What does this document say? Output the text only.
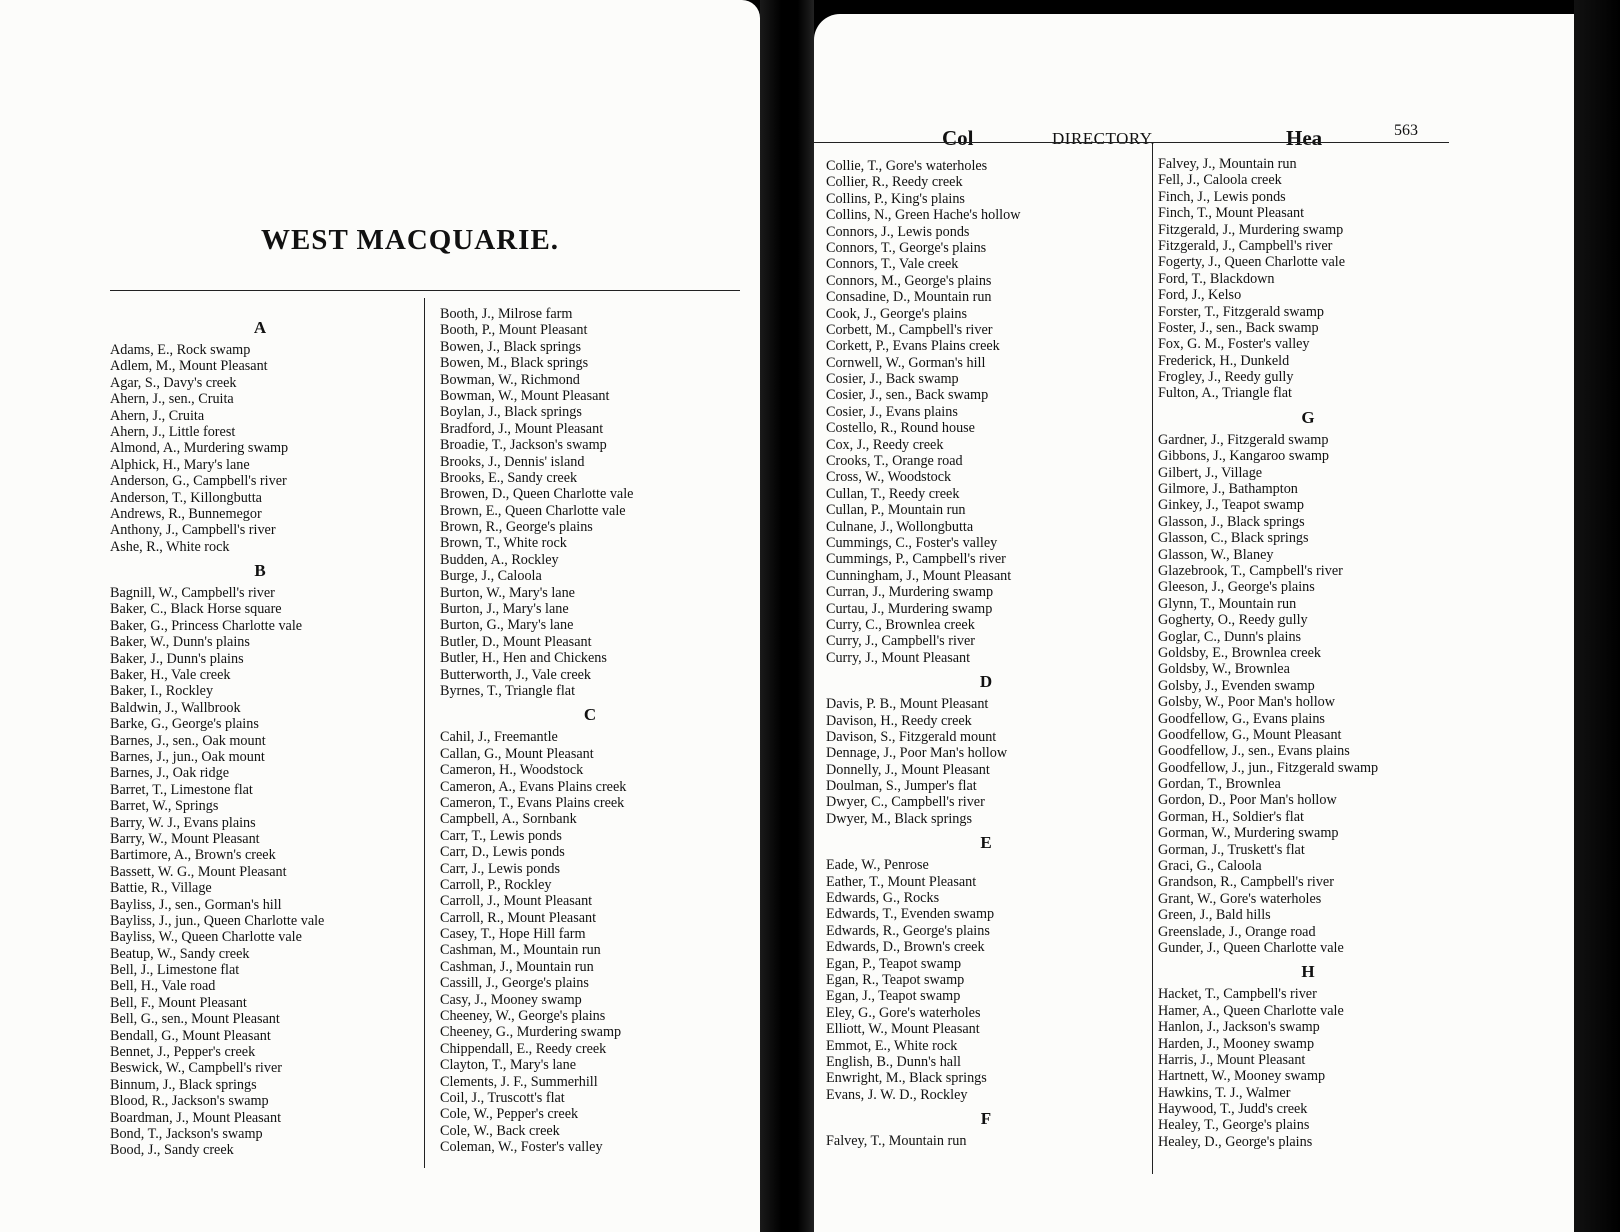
WEST MACQUARIE.
A
Adams, E., Rock swamp
Adlem, M., Mount Pleasant
Agar, S., Davy's creek
Ahern, J., sen., Cruita
Ahern, J., Cruita
Ahern, J., Little forest
Almond, A., Murdering swamp
Alphick, H., Mary's lane
Anderson, G., Campbell's river
Anderson, T., Killongbutta
Andrews, R., Bunnemegor
Anthony, J., Campbell's river
Ashe, R., White rock
B
Bagnill, W., Campbell's river
Baker, C., Black Horse square
Baker, G., Princess Charlotte vale
Baker, W., Dunn's plains
Baker, J., Dunn's plains
Baker, H., Vale creek
Baker, I., Rockley
Baldwin, J., Wallbrook
Barke, G., George's plains
Barnes, J., sen., Oak mount
Barnes, J., jun., Oak mount
Barnes, J., Oak ridge
Barret, T., Limestone flat
Barret, W., Springs
Barry, W. J., Evans plains
Barry, W., Mount Pleasant
Bartimore, A., Brown's creek
Bassett, W. G., Mount Pleasant
Battie, R., Village
Bayliss, J., sen., Gorman's hill
Bayliss, J., jun., Queen Charlotte vale
Bayliss, W., Queen Charlotte vale
Beatup, W., Sandy creek
Bell, J., Limestone flat
Bell, H., Vale road
Bell, F., Mount Pleasant
Bell, G., sen., Mount Pleasant
Bendall, G., Mount Pleasant
Bennet, J., Pepper's creek
Beswick, W., Campbell's river
Binnum, J., Black springs
Blood, R., Jackson's swamp
Boardman, J., Mount Pleasant
Bond, T., Jackson's swamp
Bood, J., Sandy creek
Booth, J., Milrose farm
Booth, P., Mount Pleasant
Bowen, J., Black springs
Bowen, M., Black springs
Bowman, W., Richmond
Bowman, W., Mount Pleasant
Boylan, J., Black springs
Bradford, J., Mount Pleasant
Broadie, T., Jackson's swamp
Brooks, J., Dennis' island
Brooks, E., Sandy creek
Browen, D., Queen Charlotte vale
Brown, E., Queen Charlotte vale
Brown, R., George's plains
Brown, T., White rock
Budden, A., Rockley
Burge, J., Caloola
Burton, W., Mary's lane
Burton, J., Mary's lane
Burton, G., Mary's lane
Butler, D., Mount Pleasant
Butler, H., Hen and Chickens
Butterworth, J., Vale creek
Byrnes, T., Triangle flat
C
Cahil, J., Freemantle
Callan, G., Mount Pleasant
Cameron, H., Woodstock
Cameron, A., Evans Plains creek
Cameron, T., Evans Plains creek
Campbell, A., Sornbank
Carr, T., Lewis ponds
Carr, D., Lewis ponds
Carr, J., Lewis ponds
Carroll, P., Rockley
Carroll, J., Mount Pleasant
Carroll, R., Mount Pleasant
Casey, T., Hope Hill farm
Cashman, M., Mountain run
Cashman, J., Mountain run
Cassill, J., George's plains
Casy, J., Mooney swamp
Cheeney, W., George's plains
Cheeney, G., Murdering swamp
Chippendall, E., Reedy creek
Clayton, T., Mary's lane
Clements, J. F., Summerhill
Coil, J., Truscott's flat
Cole, W., Pepper's creek
Cole, W., Back creek
Coleman, W., Foster's valley
Col	DIRECTORY.	Hea	563
Collie, T., Gore's waterholes
Collier, R., Reedy creek
Collins, P., King's plains
Collins, N., Green Hache's hollow
Connors, J., Lewis ponds
Connors, T., George's plains
Connors, T., Vale creek
Connors, M., George's plains
Consadine, D., Mountain run
Cook, J., George's plains
Corbett, M., Campbell's river
Corkett, P., Evans Plains creek
Cornwell, W., Gorman's hill
Cosier, J., Back swamp
Cosier, J., sen., Back swamp
Cosier, J., Evans plains
Costello, R., Round house
Cox, J., Reedy creek
Crooks, T., Orange road
Cross, W., Woodstock
Cullan, T., Reedy creek
Cullan, P., Mountain run
Culnane, J., Wollongbutta
Cummings, C., Foster's valley
Cummings, P., Campbell's river
Cunningham, J., Mount Pleasant
Curran, J., Murdering swamp
Curtau, J., Murdering swamp
Curry, C., Brownlea creek
Curry, J., Campbell's river
Curry, J., Mount Pleasant
D
Davis, P. B., Mount Pleasant
Davison, H., Reedy creek
Davison, S., Fitzgerald mount
Dennage, J., Poor Man's hollow
Donnelly, J., Mount Pleasant
Doulman, S., Jumper's flat
Dwyer, C., Campbell's river
Dwyer, M., Black springs
E
Eade, W., Penrose
Eather, T., Mount Pleasant
Edwards, G., Rocks
Edwards, T., Evenden swamp
Edwards, R., George's plains
Edwards, D., Brown's creek
Egan, P., Teapot swamp
Egan, R., Teapot swamp
Egan, J., Teapot swamp
Eley, G., Gore's waterholes
Elliott, W., Mount Pleasant
Emmot, E., White rock
English, B., Dunn's hall
Enwright, M., Black springs
Evans, J. W. D., Rockley
F
Falvey, T., Mountain run
Falvey, J., Mountain run
Fell, J., Caloola creek
Finch, J., Lewis ponds
Finch, T., Mount Pleasant
Fitzgerald, J., Murdering swamp
Fitzgerald, J., Campbell's river
Fogerty, J., Queen Charlotte vale
Ford, T., Blackdown
Ford, J., Kelso
Forster, T., Fitzgerald swamp
Foster, J., sen., Back swamp
Fox, G. M., Foster's valley
Frederick, H., Dunkeld
Frogley, J., Reedy gully
Fulton, A., Triangle flat
G
Gardner, J., Fitzgerald swamp
Gibbons, J., Kangaroo swamp
Gilbert, J., Village
Gilmore, J., Bathampton
Ginkey, J., Teapot swamp
Glasson, J., Black springs
Glasson, C., Black springs
Glasson, W., Blaney
Glazebrook, T., Campbell's river
Gleeson, J., George's plains
Glynn, T., Mountain run
Gogherty, O., Reedy gully
Goglar, C., Dunn's plains
Goldsby, E., Brownlea creek
Goldsby, W., Brownlea
Golsby, J., Evenden swamp
Golsby, W., Poor Man's hollow
Goodfellow, G., Evans plains
Goodfellow, G., Mount Pleasant
Goodfellow, J., sen., Evans plains
Goodfellow, J., jun., Fitzgerald swamp
Gordan, T., Brownlea
Gordon, D., Poor Man's hollow
Gorman, H., Soldier's flat
Gorman, W., Murdering swamp
Gorman, J., Truskett's flat
Graci, G., Caloola
Grandson, R., Campbell's river
Grant, W., Gore's waterholes
Green, J., Bald hills
Greenslade, J., Orange road
Gunder, J., Queen Charlotte vale
H
Hacket, T., Campbell's river
Hamer, A., Queen Charlotte vale
Hanlon, J., Jackson's swamp
Harden, J., Mooney swamp
Harris, J., Mount Pleasant
Hartnett, W., Mooney swamp
Hawkins, T. J., Walmer
Haywood, T., Judd's creek
Healey, T., George's plains
Healey, D., George's plains
